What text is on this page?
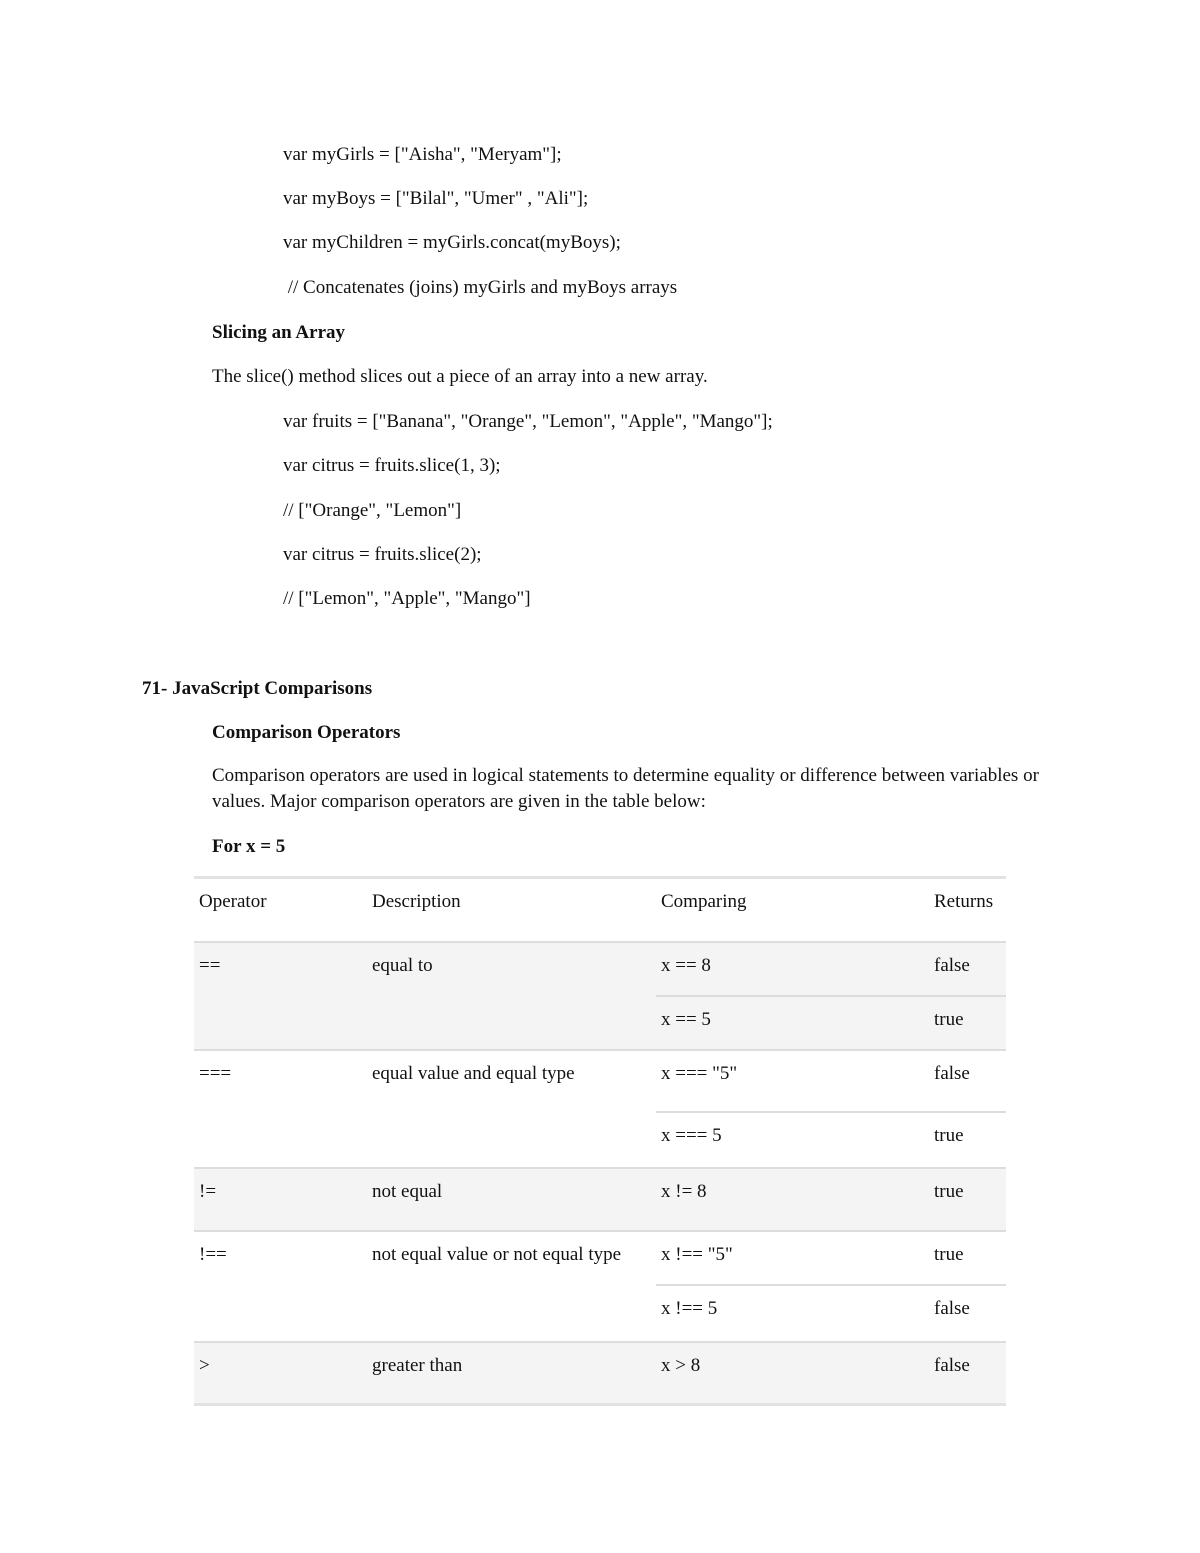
var myGirls = ["Aisha", "Meryam"];
var myBoys = ["Bilal", "Umer" , "Ali"];
var myChildren = myGirls.concat(myBoys);
// Concatenates (joins) myGirls and myBoys arrays
Slicing an Array
The slice() method slices out a piece of an array into a new array.
var fruits = ["Banana", "Orange", "Lemon", "Apple", "Mango"];
var citrus = fruits.slice(1, 3);
// ["Orange", "Lemon"]
var citrus = fruits.slice(2);
// ["Lemon", "Apple", "Mango"]
71- JavaScript Comparisons
Comparison Operators
Comparison operators are used in logical statements to determine equality or difference between variables or values. Major comparison operators are given in the table below:
For x = 5
Operator	Description	Comparing	Returns
==	equal to	x == 8	false
		x == 5	true
===	equal value and equal type	x === "5"	false
		x === 5	true
!=	not equal	x != 8	true
!==	not equal value or not equal type	x !== "5"	true
		x !== 5	false
>	greater than	x > 8	false
